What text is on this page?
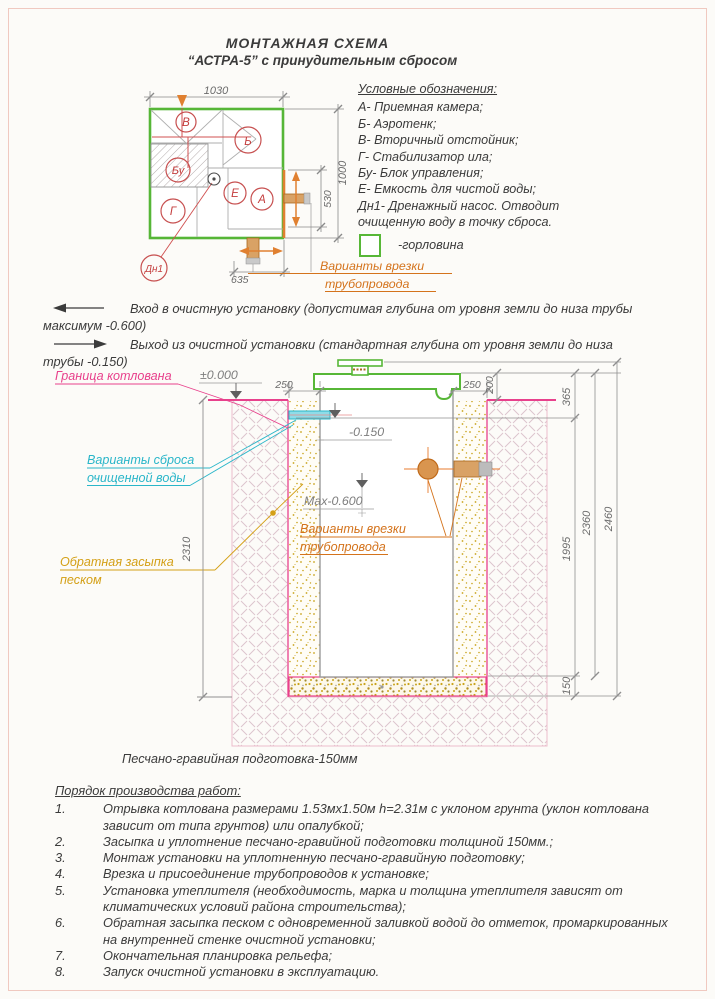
МОНТАЖНАЯ СХЕМА
“АСТРА-5” с принудительным сбросом
Условные обозначения:
А- Приемная камера;
Б- Аэротенк;
В- Вторичный отстойник;
Г- Стабилизатор ила;
Бу- Блок управления;
Е- Емкость для чистой воды;
Дн1- Дренажный насос. Отводит
очищенную воду в точку сброса.
-горловина
1030
В
Б
Бу
Г
Е А
Дн1
1000
530
635
Варианты врезки
трубопровода
Вход в очистную установку (допустимая глубина от уровня земли до низа трубы
максимум -0.600)
Выход из очистной установки (стандартная глубина от уровня земли до низа
трубы -0.150)
-0.150
Max-0.600
Варианты врезки
трубопровода
Варианты сброса
очищенной воды
Граница котлована ±0.000
Обратная засыпка
песком
2310
250	250 200
365
1995
150
2360 2460
Песчано-гравийная подготовка-150мм
Порядок производства работ:
1.	Отрывка котлована размерами 1.53мх1.50м h=2.31м с уклоном грунта (уклон котлована зависит от типа грунтов) или опалубкой;
2.	Засыпка и уплотнение песчано-гравийной подготовки толщиной 150мм.;
3.	Монтаж установки на уплотненную песчано-гравийную подготовку;
4.	Врезка и присоединение трубопроводов к установке;
5.	Установка утеплителя (необходимость, марка и толщина утеплителя зависят от климатических условий района строительства);
6.	Обратная засыпка песком с одновременной заливкой водой до отметок, промаркированных на внутренней стенке очистной установки;
7.	Окончательная планировка рельефа;
8.	Запуск очистной установки в эксплуатацию.
